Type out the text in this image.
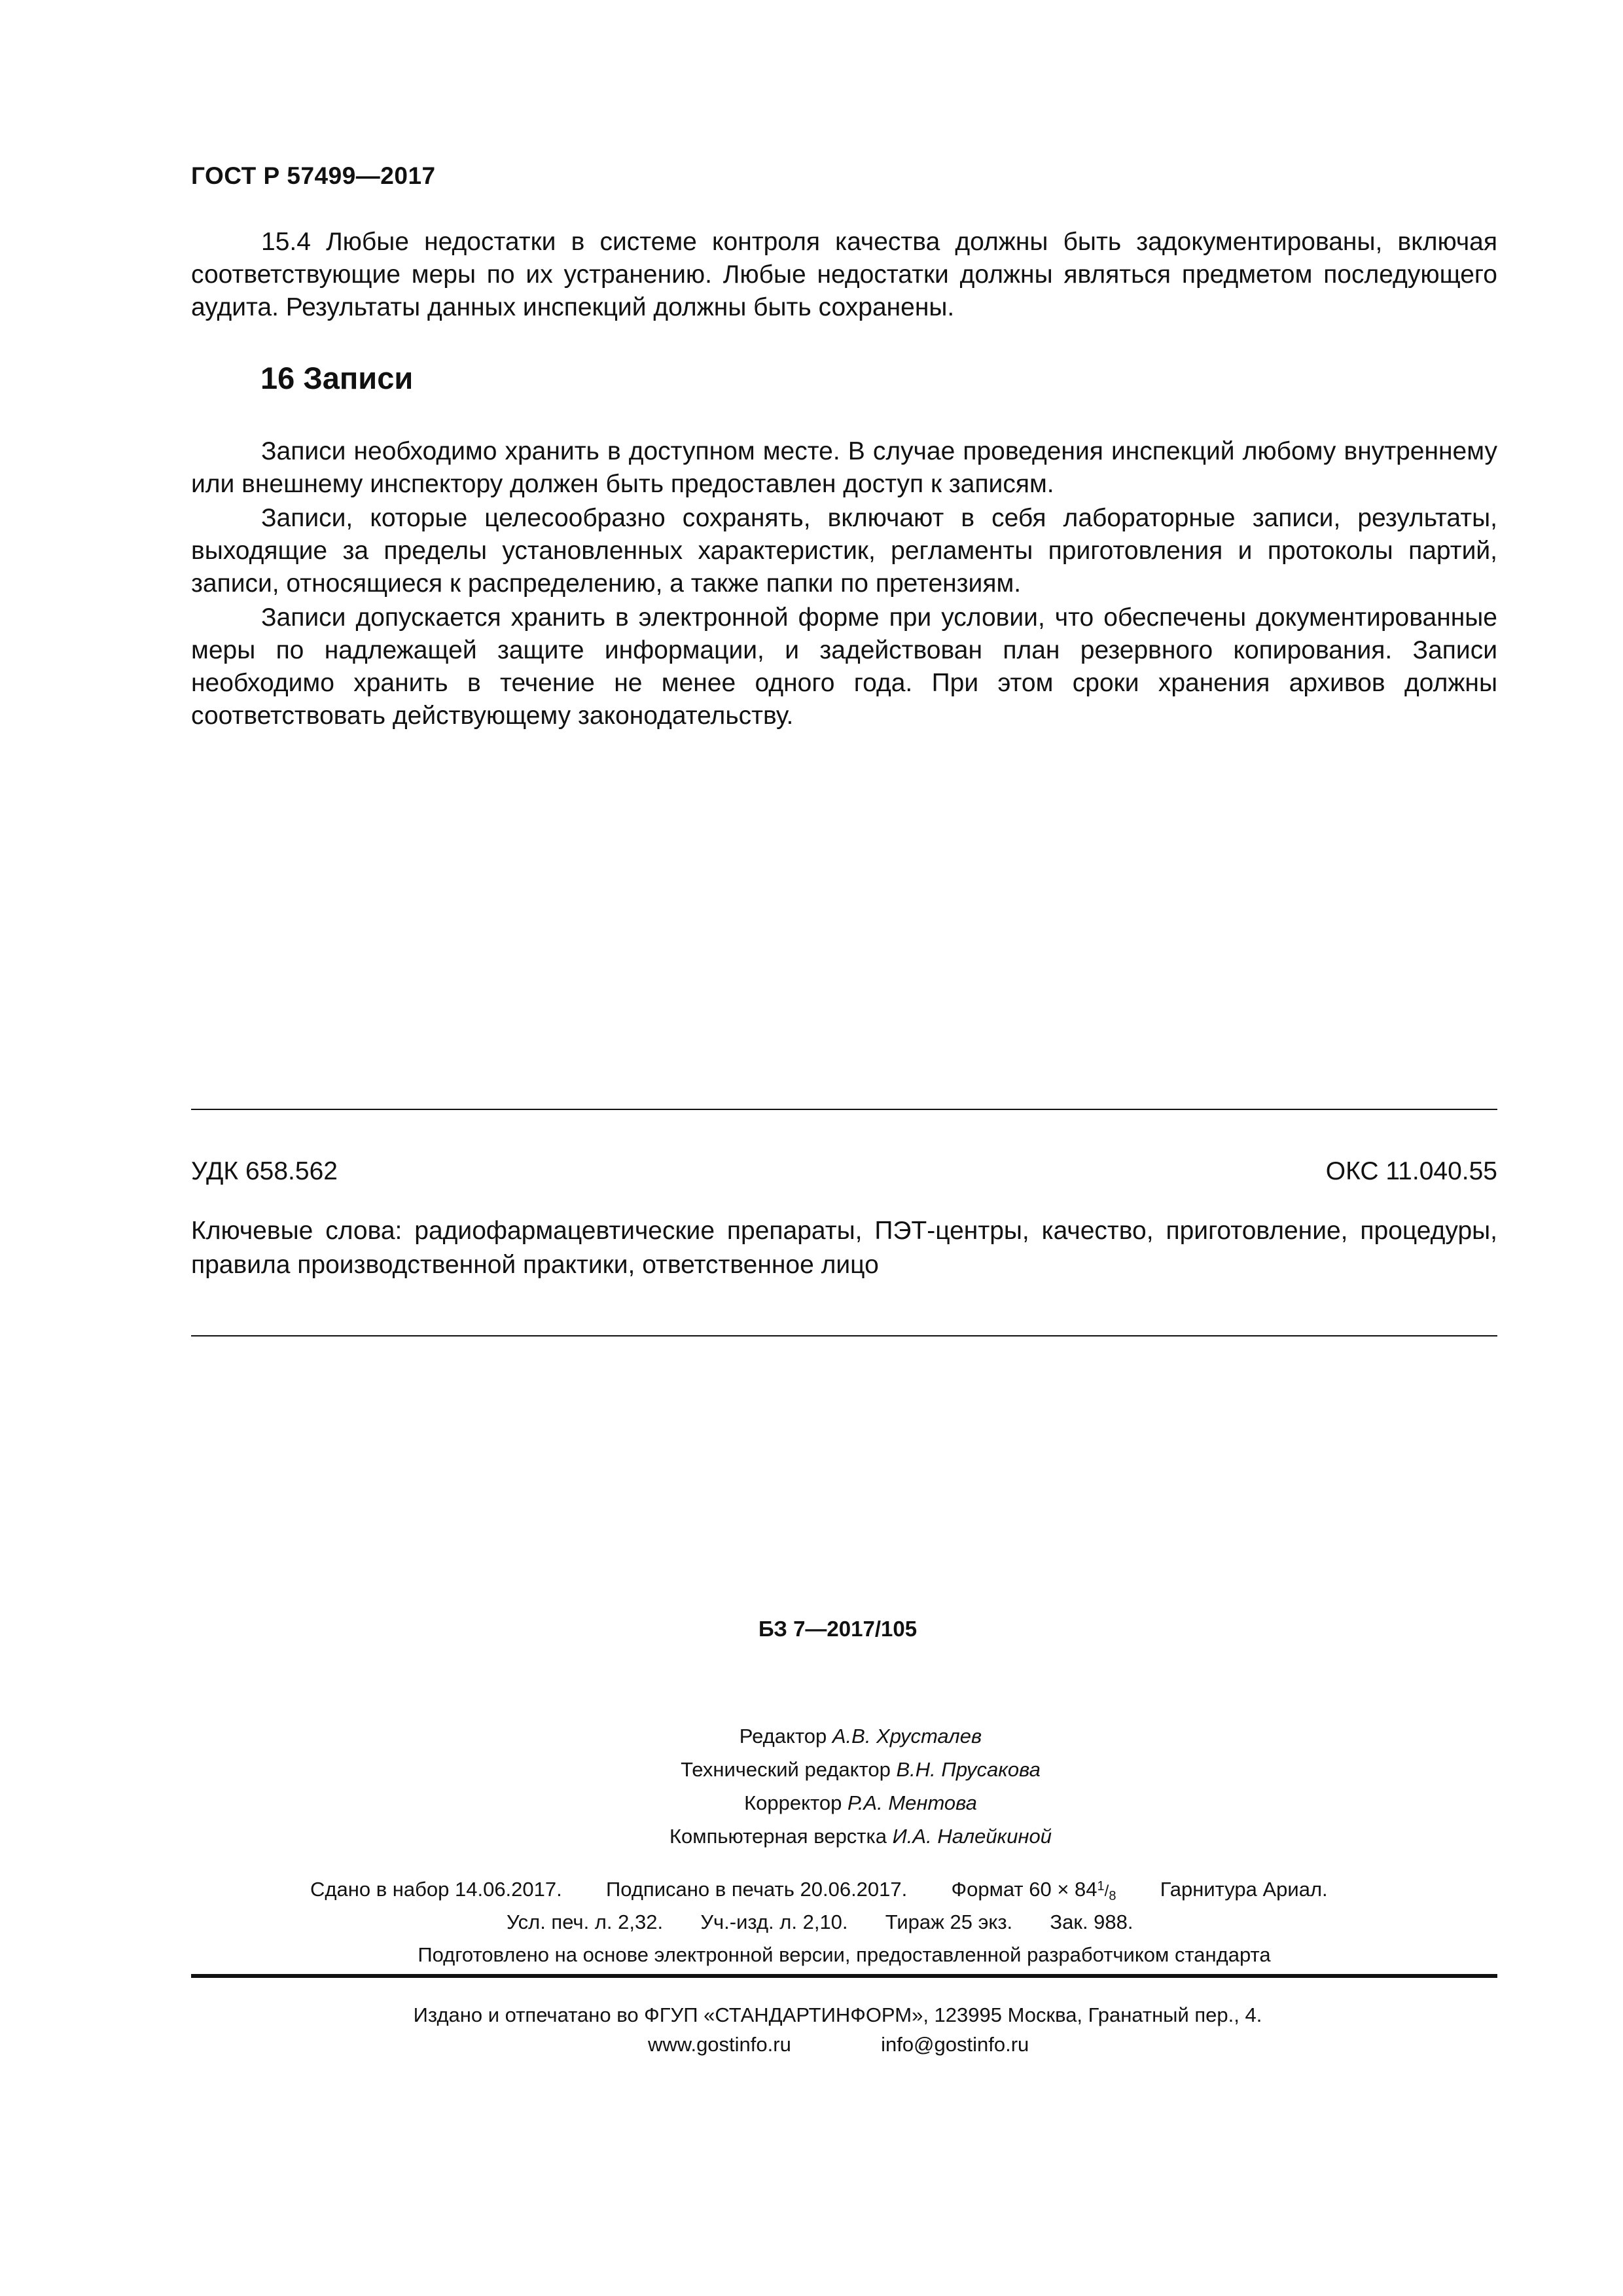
ГОСТ Р 57499—2017

15.4 Любые недостатки в системе контроля качества должны быть задокументированы, включая соответствующие меры по их устранению. Любые недостатки должны являться предметом последующего аудита. Результаты данных инспекций должны быть сохранены.

16 Записи

Записи необходимо хранить в доступном месте. В случае проведения инспекций любому внутреннему или внешнему инспектору должен быть предоставлен доступ к записям.

Записи, которые целесообразно сохранять, включают в себя лабораторные записи, результаты, выходящие за пределы установленных характеристик, регламенты приготовления и протоколы партий, записи, относящиеся к распределению, а также папки по претензиям.

Записи допускается хранить в электронной форме при условии, что обеспечены документированные меры по надлежащей защите информации, и задействован план резервного копирования. Записи необходимо хранить в течение не менее одного года. При этом сроки хранения архивов должны соответствовать действующему законодательству.

УДК 658.562	ОКС 11.040.55
Ключевые слова: радиофармацевтические препараты, ПЭТ-центры, качество, приготовление, процедуры, правила производственной практики, ответственное лицо
БЗ 7—2017/105
Редактор А.В. Хрусталев
Технический редактор В.Н. Прусакова
Корректор Р.А. Ментова
Компьютерная верстка И.А. Налейкиной
Сдано в набор 14.06.2017. Подписано в печать 20.06.2017. Формат $60 \times 84^1/_8$ Гарнитура Ариал.
Усл. печ. л. 2,32. Уч.-изд. л. 2,10. Тираж 25 экз. Зак. 988.
Подготовлено на основе электронной версии, предоставленной разработчиком стандарта
Издано и отпечатано во ФГУП «СТАНДАРТИНФОРМ», 123995 Москва, Гранатный пер., 4.
www.gostinfo.ru	info@gostinfo.ru
